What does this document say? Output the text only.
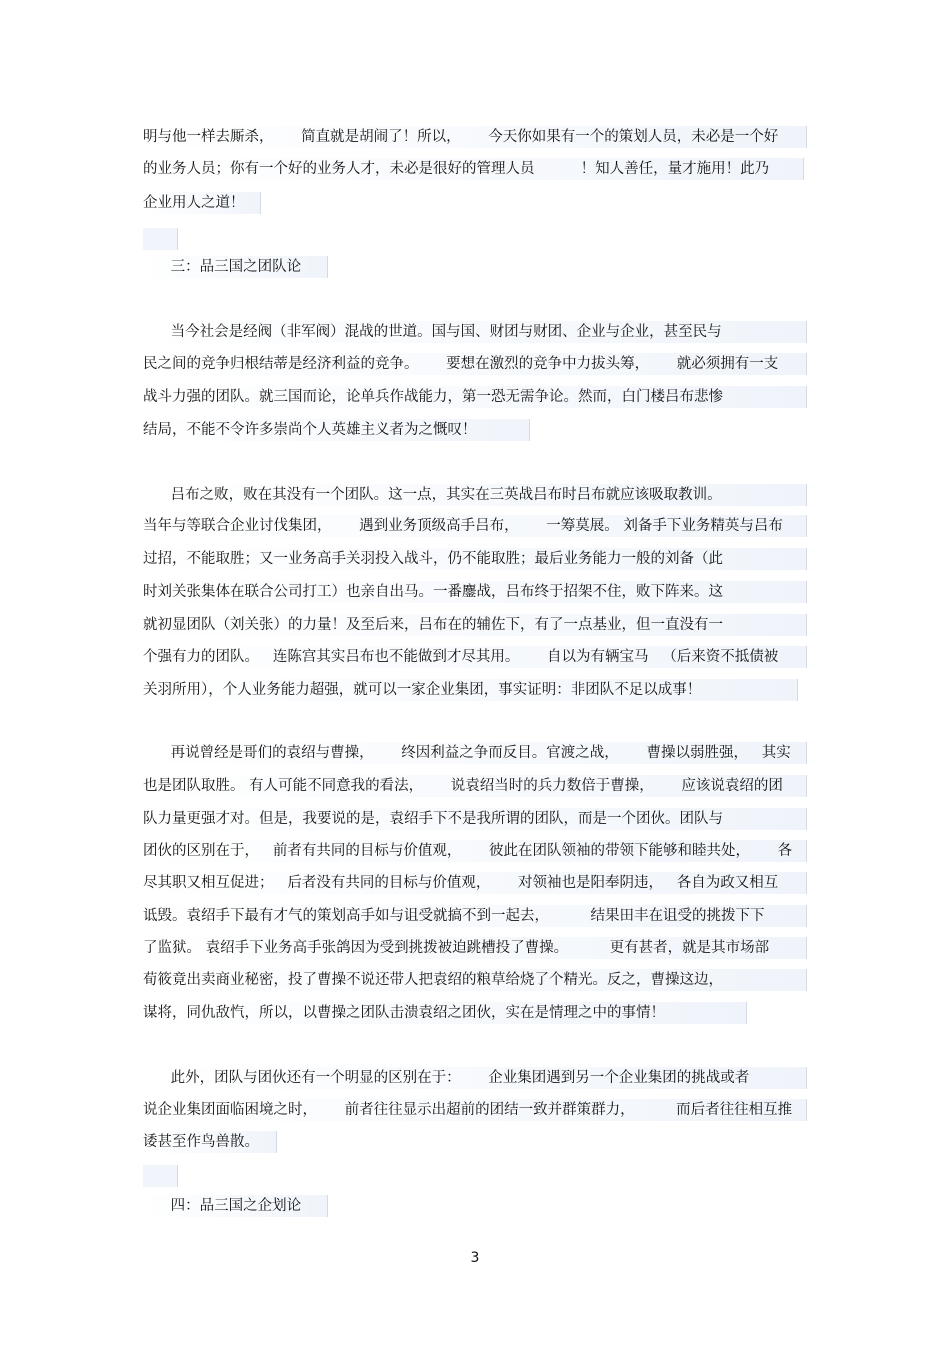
明与他一样去厮杀，      简直就是胡闹了！所以，      今天你如果有一个的策划人员，未必是一个好
的业务人员；你有一个好的业务人才，未必是很好的管理人员          ！知人善任，量才施用！此乃
企业用人之道！
三：品三国之团队论
当今社会是经阀（非军阀）混战的世道。国与国、财团与财团、企业与企业，甚至民与
民之间的竞争归根结蒂是经济利益的竞争。      要想在激烈的竞争中力拔头筹，      就必须拥有一支
战斗力强的团队。就三国而论，论单兵作战能力，第一恐无需争论。然而，白门楼吕布悲惨
结局，不能不令许多崇尚个人英雄主义者为之慨叹！
吕布之败，败在其没有一个团队。这一点，其实在三英战吕布时吕布就应该吸取教训。
当年与等联合企业讨伐集团，      遇到业务顶级高手吕布，      一筹莫展。 刘备手下业务精英与吕布
过招，不能取胜；又一业务高手关羽投入战斗，仍不能取胜；最后业务能力一般的刘备（此
时刘关张集体在联合公司打工）也亲自出马。一番鏖战，吕布终于招架不住，败下阵来。这
就初显团队（刘关张）的力量！及至后来，吕布在的辅佐下，有了一点基业，但一直没有一
个强有力的团队。   连陈宫其实吕布也不能做到才尽其用。      自以为有辆宝马   （后来资不抵债被
关羽所用），个人业务能力超强，就可以一家企业集团，事实证明：非团队不足以成事！
再说曾经是哥们的袁绍与曹操，      终因利益之争而反目。官渡之战，      曹操以弱胜强，   其实
也是团队取胜。 有人可能不同意我的看法，      说袁绍当时的兵力数倍于曹操，      应该说袁绍的团
队力量更强才对。但是，我要说的是，袁绍手下不是我所谓的团队，而是一个团伙。团队与
团伙的区别在于，   前者有共同的目标与价值观，      彼此在团队领袖的带领下能够和睦共处，      各
尽其职又相互促进；   后者没有共同的目标与价值观，      对领袖也是阳奉阴违，   各自为政又相互
诋毁。袁绍手下最有才气的策划高手如与诅受就搞不到一起去，         结果田丰在诅受的挑拨下下
了监狱。 袁绍手下业务高手张鸽因为受到挑拨被迫跳槽投了曹操。         更有甚者，就是其市场部
荀筱竟出卖商业秘密，投了曹操不说还带人把袁绍的粮草给烧了个精光。反之，曹操这边，
谋将，同仇敌忾，所以，以曹操之团队击溃袁绍之团伙，实在是情理之中的事情！
此外，团队与团伙还有一个明显的区别在于：      企业集团遇到另一个企业集团的挑战或者
说企业集团面临困境之时，      前者往往显示出超前的团结一致并群策群力，         而后者往往相互推
诿甚至作鸟兽散。
四：品三国之企划论
3
